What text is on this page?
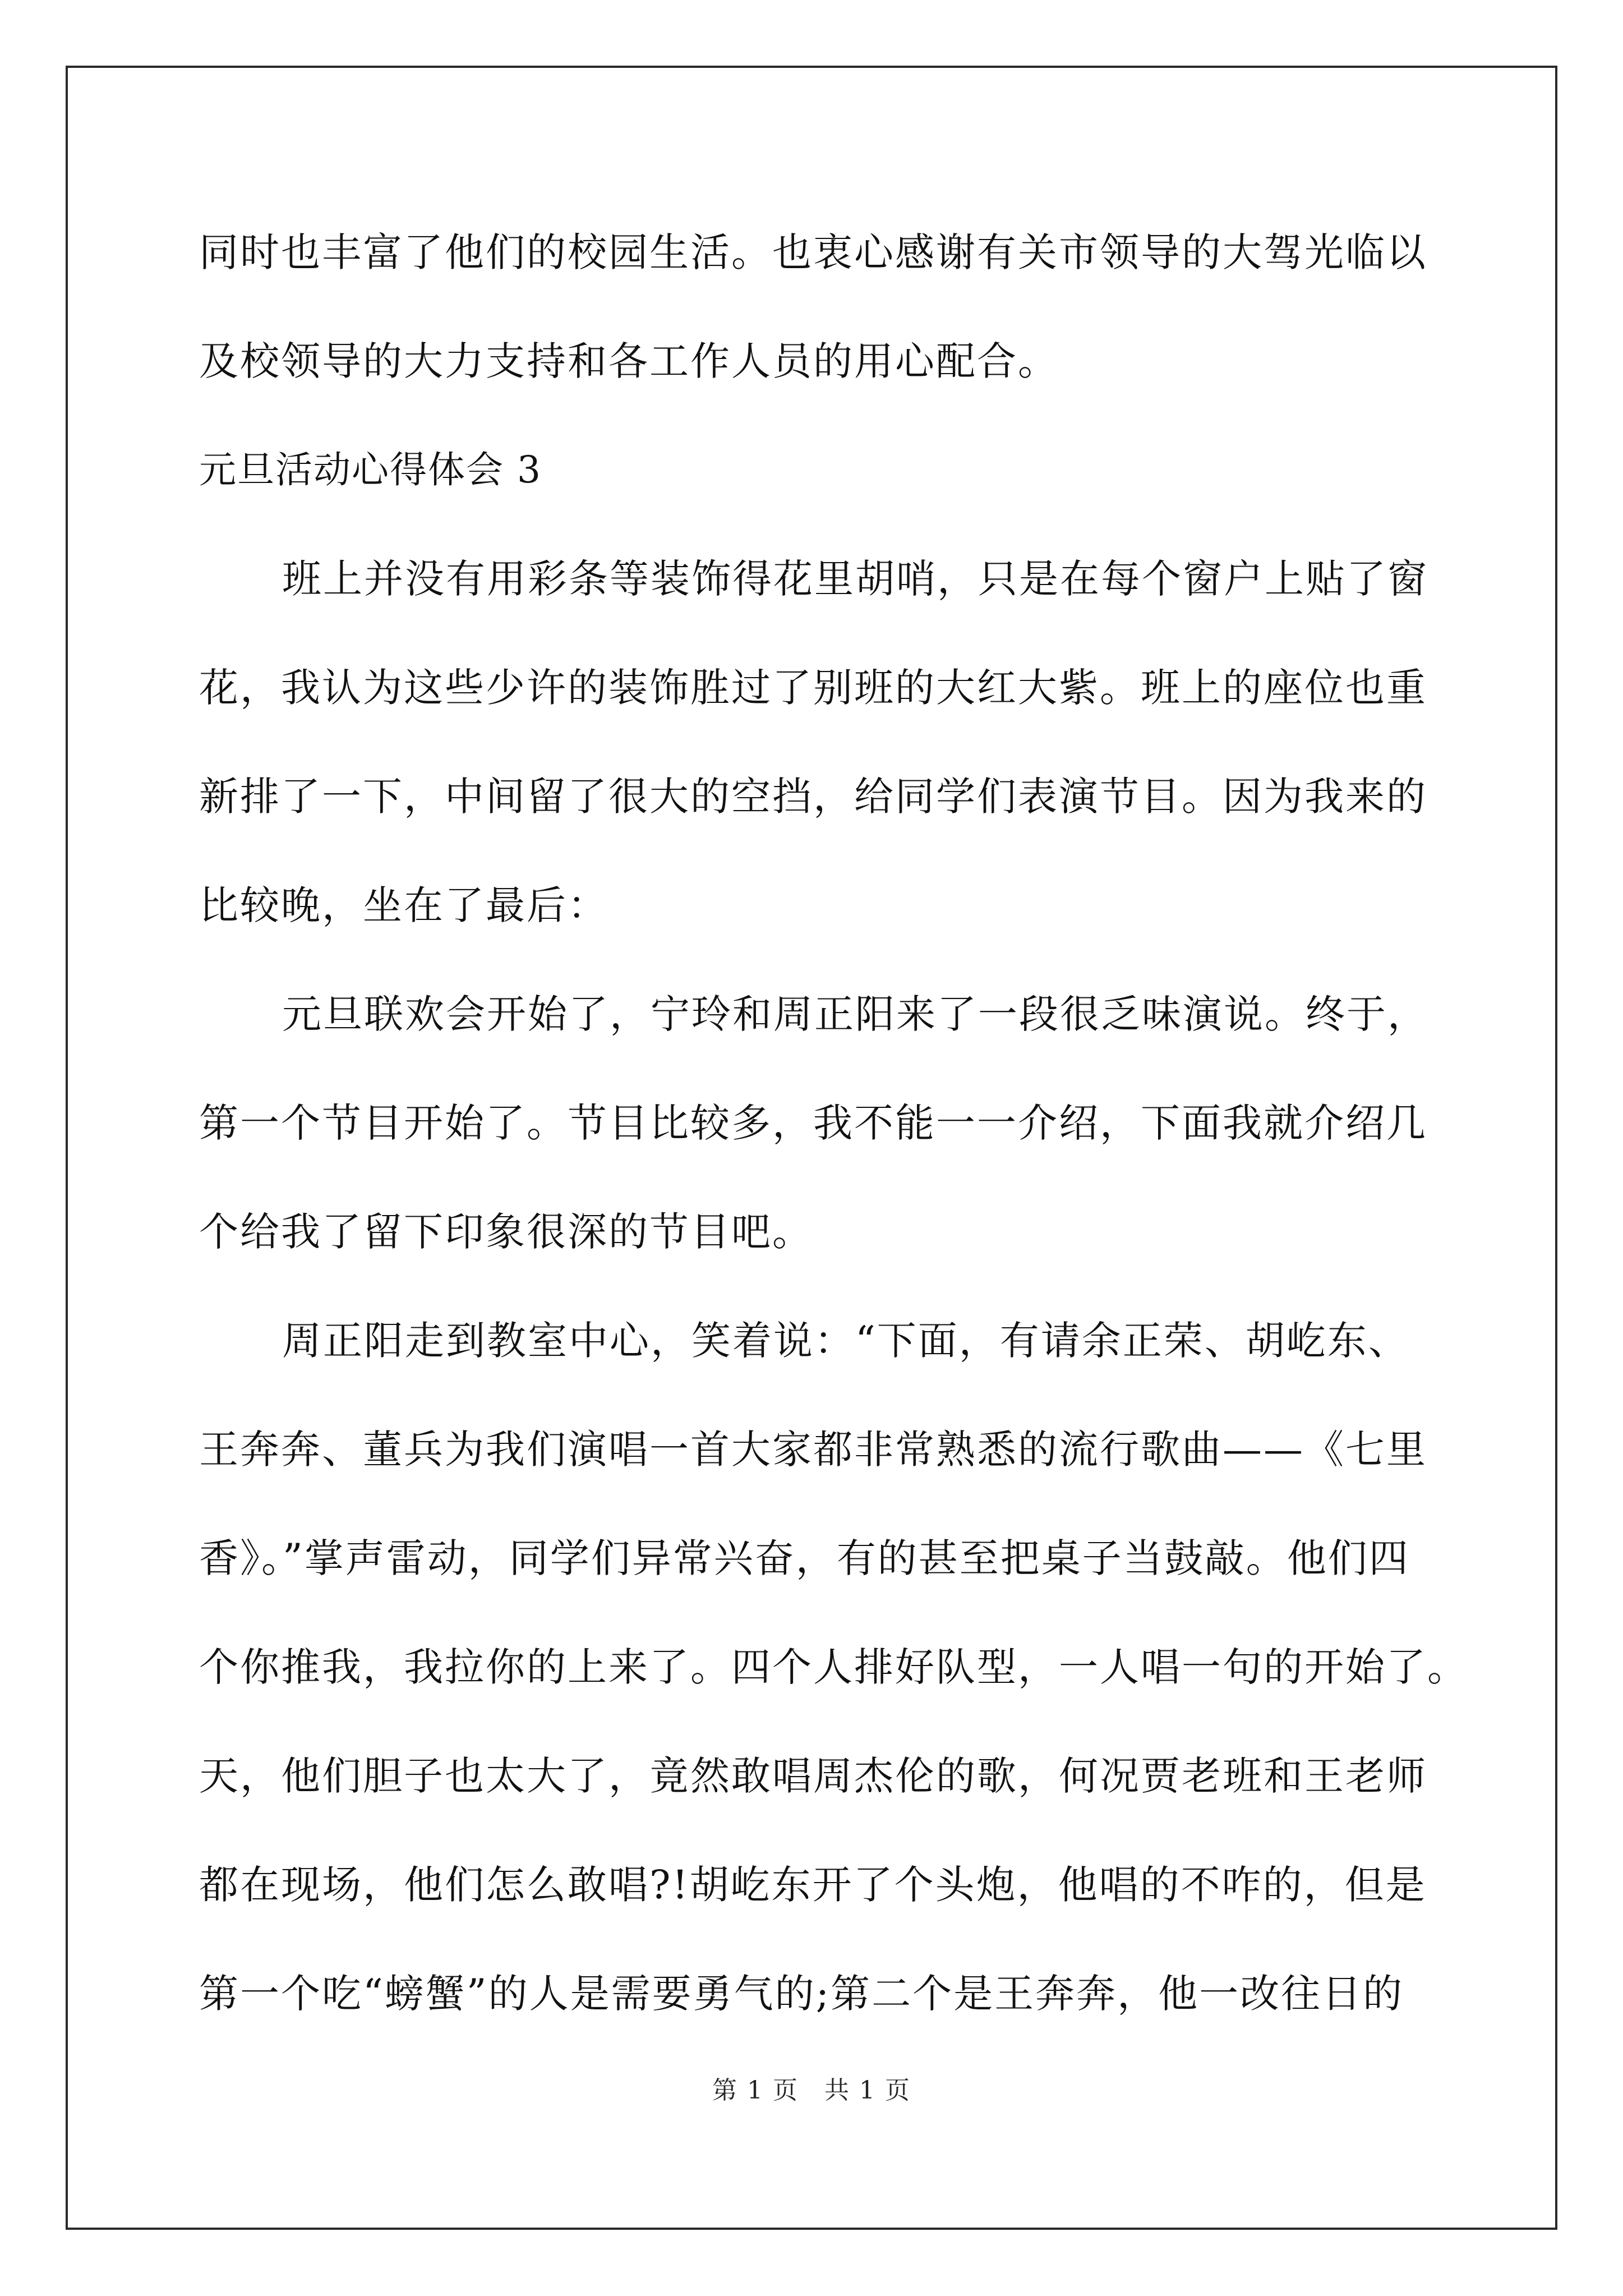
同时也丰富了他们的校园生活。也衷心感谢有关市领导的大驾光临以
及校领导的大力支持和各工作人员的用心配合。
元旦活动心得体会 3
班上并没有用彩条等装饰得花里胡哨，只是在每个窗户上贴了窗
花，我认为这些少许的装饰胜过了别班的大红大紫。班上的座位也重
新排了一下，中间留了很大的空挡，给同学们表演节目。因为我来的
比较晚，坐在了最后：
元旦联欢会开始了，宁玲和周正阳来了一段很乏味演说。终于，
第一个节目开始了。节目比较多，我不能一一介绍，下面我就介绍几
个给我了留下印象很深的节目吧。
周正阳走到教室中心，笑着说：“下面，有请余正荣、胡屹东、
王奔奔、董兵为我们演唱一首大家都非常熟悉的流行歌曲——《七里
香》。”掌声雷动，同学们异常兴奋，有的甚至把桌子当鼓敲。他们四
个你推我，我拉你的上来了。四个人排好队型，一人唱一句的开始了。
天，他们胆子也太大了，竟然敢唱周杰伦的歌，何况贾老班和王老师
都在现场，他们怎么敢唱?!胡屹东开了个头炮，他唱的不咋的，但是
第一个吃“螃蟹”的人是需要勇气的;第二个是王奔奔，他一改往日的
第 1 页　共 1 页
